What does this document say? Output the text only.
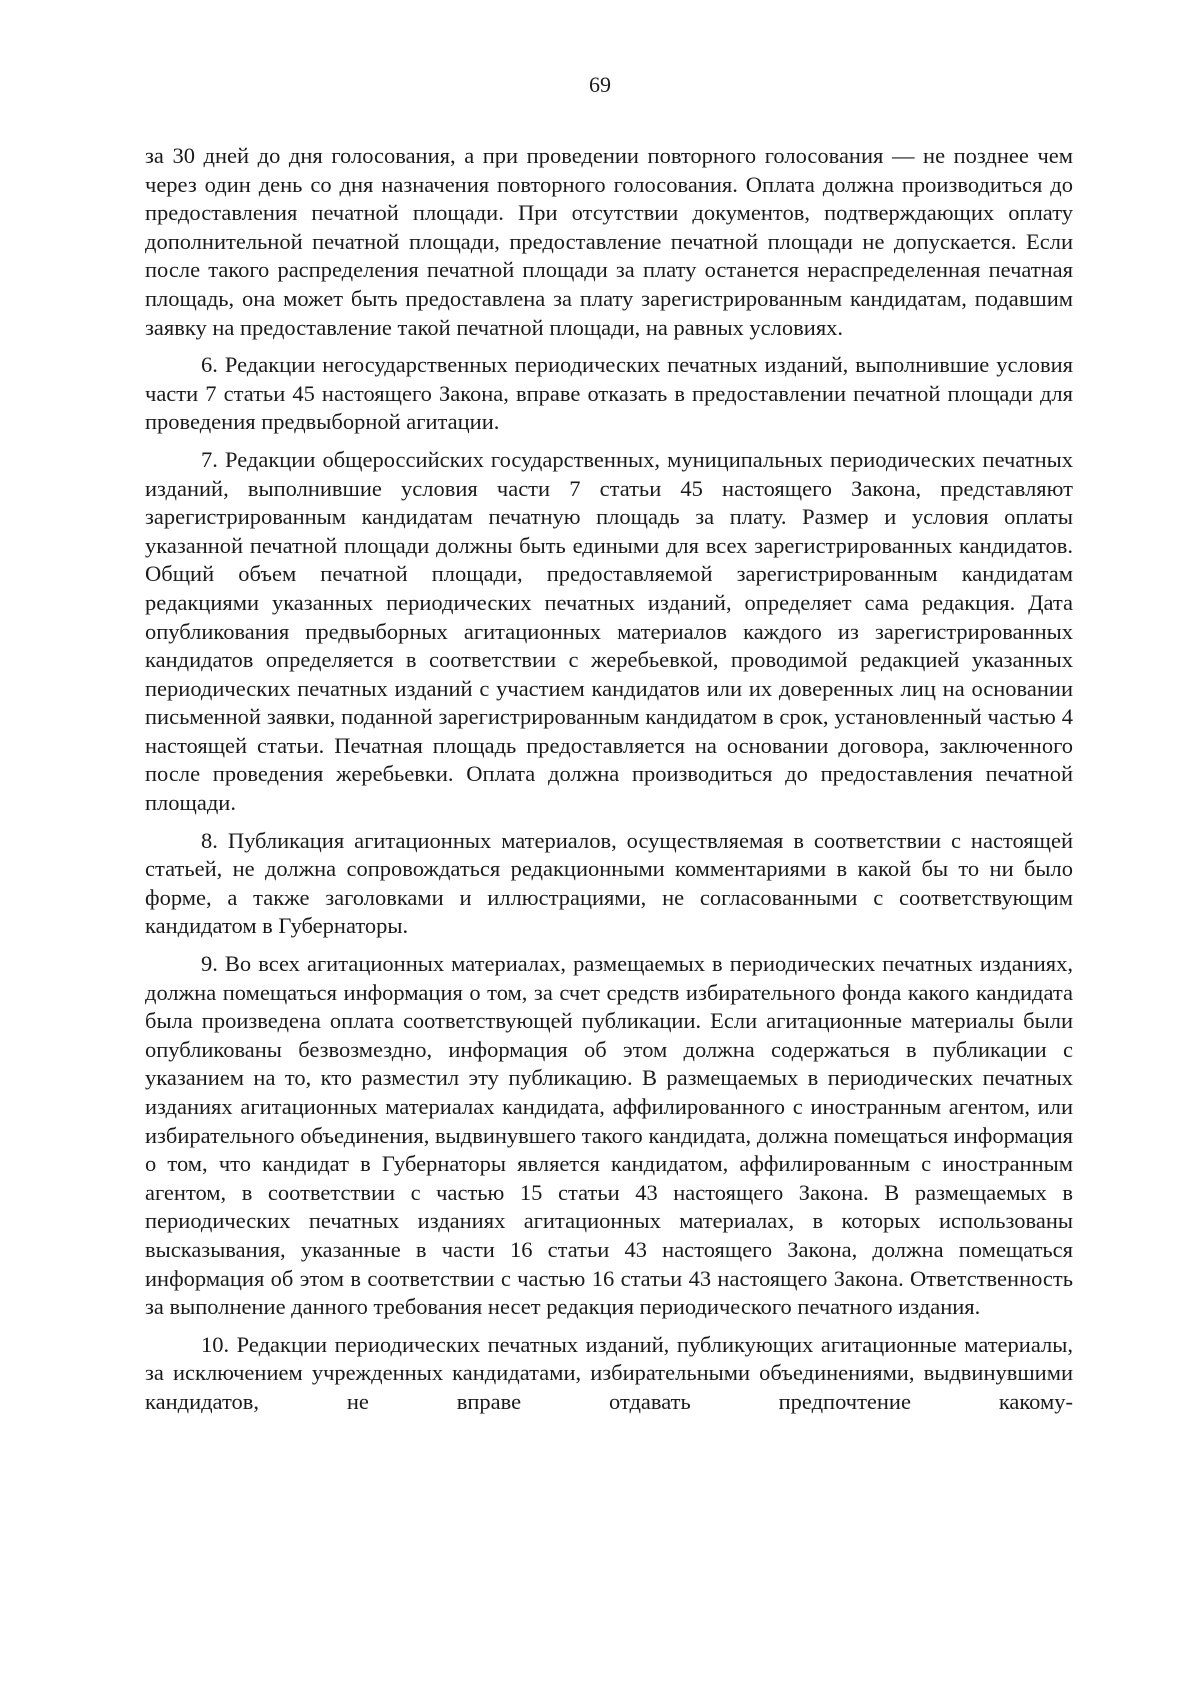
69

за 30 дней до дня голосования, а при проведении повторного голосования — не позднее чем через один день со дня назначения повторного голосования. Оплата должна производиться до предоставления печатной площади. При отсутствии документов, подтверждающих оплату дополнительной печатной площади, предоставление печатной площади не допускается. Если после такого распределения печатной площади за плату останется нераспределенная печатная площадь, она может быть предоставлена за плату зарегистрированным кандидатам, подавшим заявку на предоставление такой печатной площади, на равных условиях.

6. Редакции негосударственных периодических печатных изданий, выполнившие условия части 7 статьи 45 настоящего Закона, вправе отказать в предоставлении печатной площади для проведения предвыборной агитации.

7. Редакции общероссийских государственных, муниципальных периодических печатных изданий, выполнившие условия части 7 статьи 45 настоящего Закона, представляют зарегистрированным кандидатам печатную площадь за плату. Размер и условия оплаты указанной печатной площади должны быть едиными для всех зарегистрированных кандидатов. Общий объем печатной площади, предоставляемой зарегистрированным кандидатам редакциями указанных периодических печатных изданий, определяет сама редакция. Дата опубликования предвыборных агитационных материалов каждого из зарегистрированных кандидатов определяется в соответствии с жеребьевкой, проводимой редакцией указанных периодических печатных изданий с участием кандидатов или их доверенных лиц на основании письменной заявки, поданной зарегистрированным кандидатом в срок, установленный частью 4 настоящей статьи. Печатная площадь предоставляется на основании договора, заключенного после проведения жеребьевки. Оплата должна производиться до предоставления печатной площади.

8. Публикация агитационных материалов, осуществляемая в соответствии с настоящей статьей, не должна сопровождаться редакционными комментариями в какой бы то ни было форме, а также заголовками и иллюстрациями, не согласованными с соответствующим кандидатом в Губернаторы.

9. Во всех агитационных материалах, размещаемых в периодических печатных изданиях, должна помещаться информация о том, за счет средств избирательного фонда какого кандидата была произведена оплата соответствующей публикации. Если агитационные материалы были опубликованы безвозмездно, информация об этом должна содержаться в публикации с указанием на то, кто разместил эту публикацию. В размещаемых в периодических печатных изданиях агитационных материалах кандидата, аффилированного с иностранным агентом, или избирательного объединения, выдвинувшего такого кандидата, должна помещаться информация о том, что кандидат в Губернаторы является кандидатом, аффилированным с иностранным агентом, в соответствии с частью 15 статьи 43 настоящего Закона. В размещаемых в периодических печатных изданиях агитационных материалах, в которых использованы высказывания, указанные в части 16 статьи 43 настоящего Закона, должна помещаться информация об этом в соответствии с частью 16 статьи 43 настоящего Закона. Ответственность за выполнение данного требования несет редакция периодического печатного издания.

10. Редакции периодических печатных изданий, публикующих агитационные материалы, за исключением учрежденных кандидатами, избирательными объединениями, выдвинувшими кандидатов, не вправе отдавать предпочтение какому-
